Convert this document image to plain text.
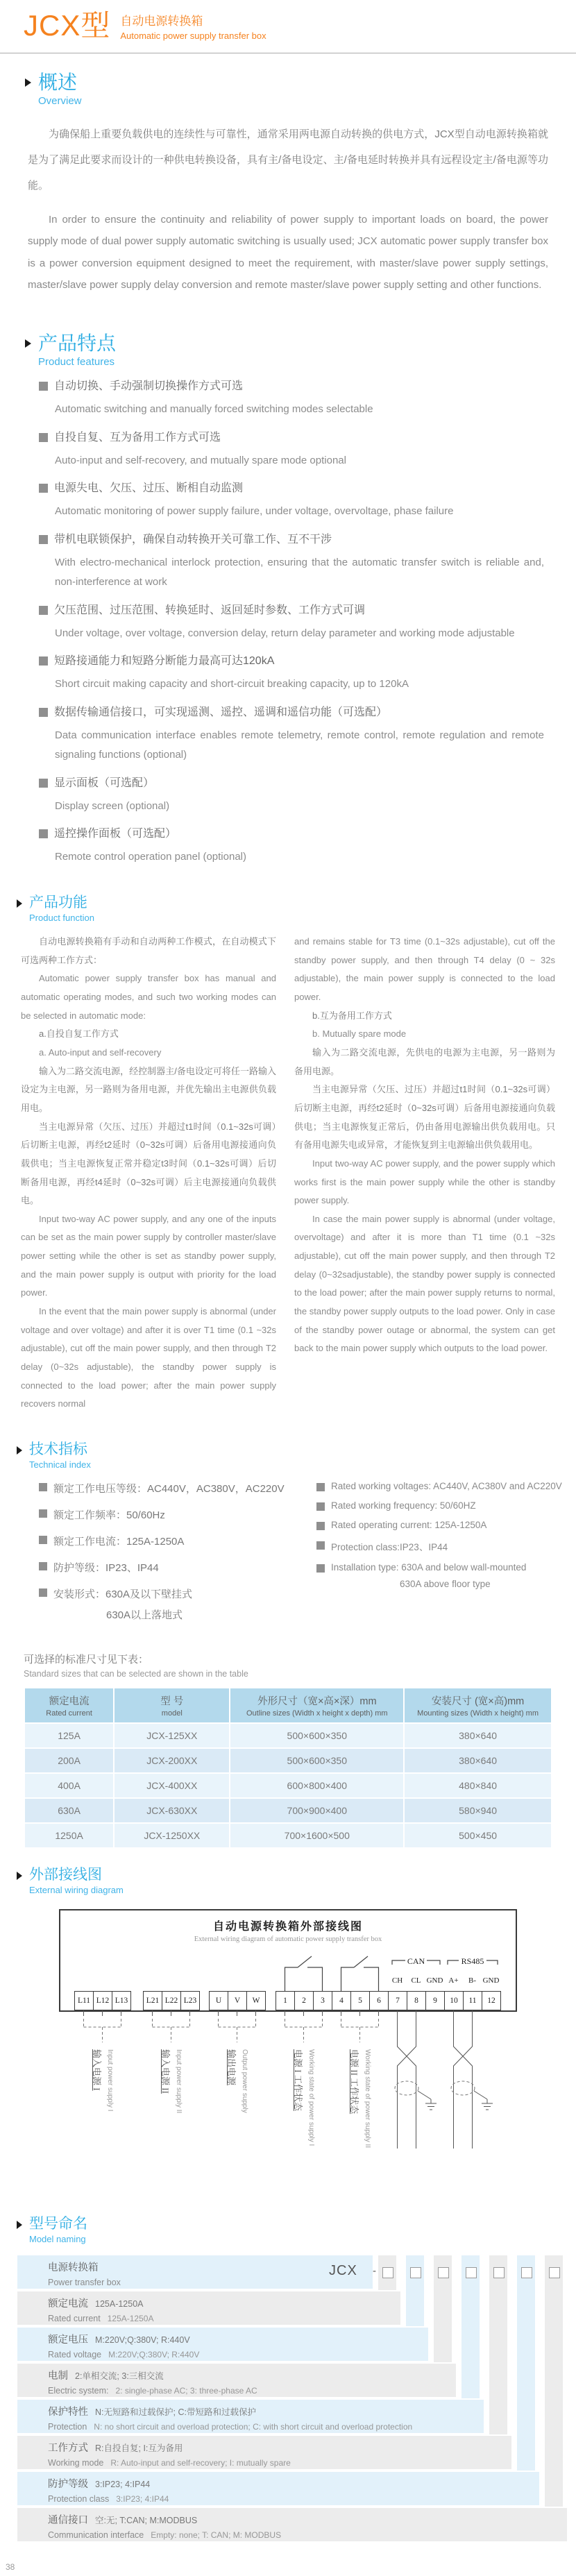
JCX型 自动电源转换箱
Automatic power supply transfer box
概述
Overview

为确保船上重要负载供电的连续性与可靠性，通常采用两电源自动转换的供电方式，JCX型自动电源转换箱就是为了满足此要求而设计的一种供电转换设备，具有主/备电设定、主/备电延时转换并具有远程设定主/备电源等功能。

In order to ensure the continuity and reliability of power supply to important loads on board, the power supply mode of dual power supply automatic switching is usually used; JCX automatic power supply transfer box is a power conversion equipment designed to meet the requirement, with master/slave power supply settings, master/slave power supply delay conversion and remote master/slave power supply setting and other functions.

产品特点
Product features
自动切换、手动强制切换操作方式可选
Automatic switching and manually forced switching modes selectable
自投自复、互为备用工作方式可选
Auto-input and self-recovery, and mutually spare mode optional
电源失电、欠压、过压、断相自动监测
Automatic monitoring of power supply failure, under voltage, overvoltage, phase failure
带机电联锁保护，确保自动转换开关可靠工作、互不干涉
With electro-mechanical interlock protection, ensuring that the automatic transfer switch is reliable and, non-interference at work
欠压范围、过压范围、转换延时、返回延时参数、工作方式可调
Under voltage, over voltage, conversion delay, return delay parameter and working mode adjustable
短路接通能力和短路分断能力最高可达120kA
Short circuit making capacity and short-circuit breaking capacity, up to 120kA
数据传输通信接口，可实现遥测、遥控、遥调和遥信功能（可选配）
Data communication interface enables remote telemetry, remote control, remote regulation and remote signaling functions (optional)
显示面板（可选配）
Display screen (optional)
遥控操作面板（可选配）
Remote control operation panel (optional)
产品功能
Product function

自动电源转换箱有手动和自动两种工作模式，在自动模式下可选两种工作方式：

Automatic power supply transfer box has manual and automatic operating modes, and such two working modes can be selected in automatic mode:

a.自投自复工作方式

a. Auto-input and self-recovery

输入为二路交流电源，经控制器主/备电设定可将任一路输入设定为主电源，另一路则为备用电源，并优先输出主电源供负载用电。

当主电源异常（欠压、过压）并超过t1时间（0.1~32s可调）后切断主电源，再经t2延时（0~32s可调）后备用电源接通向负载供电；当主电源恢复正常并稳定t3时间（0.1~32s可调）后切断备用电源，再经t4延时（0~32s可调）后主电源接通向负载供电。

Input two-way AC power supply, and any one of the inputs can be set as the main power supply by controller master/slave power setting while the other is set as standby power supply, and the main power supply is output with priority for the load power.

In the event that the main power supply is abnormal (under voltage and over voltage) and after it is over T1 time (0.1 ~32s adjustable), cut off the main power supply, and then through T2 delay (0~32s adjustable), the standby power supply is connected to the load power; after the main power supply recovers normal

and remains stable for T3 time (0.1~32s adjustable), cut off the standby power supply, and then through T4 delay (0 ~ 32s adjustable), the main power supply is connected to the load power.

b.互为备用工作方式

b. Mutually spare mode

输入为二路交流电源，先供电的电源为主电源，另一路则为备用电源。

当主电源异常（欠压、过压）并超过t1时间（0.1~32s可调）后切断主电源，再经t2延时（0~32s可调）后备用电源接通向负载供电；当主电源恢复正常后，仍由备用电源输出供负载用电。只有备用电源失电或异常，才能恢复到主电源输出供负载用电。

Input two-way AC power supply, and the power supply which works first is the main power supply while the other is standby power supply.

In case the main power supply is abnormal (under voltage, overvoltage) and after it is more than T1 time (0.1 ~32s adjustable), cut off the main power supply, and then through T2 delay (0~32sadjustable), the standby power supply is connected to the load power; after the main power supply returns to normal, the standby power supply outputs to the load power. Only in case of the standby power outage or abnormal, the system can get back to the main power supply which outputs to the load power.

技术指标
Technical index
额定工作电压等级：AC440V，AC380V，AC220V
额定工作频率：50/60Hz
额定工作电流：125A-1250A
防护等级：IP23、IP44
安装形式：630A及以下壁挂式
630A以上落地式
Rated working voltages: AC440V, AC380V and AC220V
Rated working frequency: 50/60HZ
Rated operating current: 125A-1250A
Protection class:IP23、IP44
Installation type: 630A and below wall-mounted
630A above floor type
可选择的标准尺寸见下表：
Standard sizes that can be selected are shown in the table
额定电流
Rated current

型 号
model

外形尺寸（宽×高×深）mm
Outline sizes (Width x height x depth) mm

安装尺寸 (宽×高)mm
Mounting sizes (Width x height) mm

125A	JCX-125XX	500×600×350	380×640
200A	JCX-200XX	500×600×350	380×640
400A	JCX-400XX	600×800×400	480×840
630A	JCX-630XX	700×900×400	580×940
1250A	JCX-1250XX	700×1600×500	500×450
外部接线图
External wiring diagram
自动电源转换箱外部接线图
External wiring diagram of automatic power supply transfer box
CAN	RS485
CH CL GND A+ B- GND
L11 L12 L13	L21 L22 L23	U	V	W	1	2	3	4	5	6	7	8	9	10	11	12
Input power supply I
输入电源 I	Input power supply II
输入电源 II	Output power supply
输出电源	Working state of power supply I
电源 I 工作状态	Working state of power supply II
电源 II 工作状态
型号命名
Model naming
JCX -
电源转换箱
Power transfer box
额定电流 125A-1250A
Rated current 125A-1250A
额定电压 M:220V;Q:380V; R:440V
Rated voltage M:220V;Q:380V; R:440V
电制 2:单相交流; 3:三相交流
Electric system: 2: single-phase AC; 3: three-phase AC
保护特性 N:无短路和过载保护; C:带短路和过载保护
Protection N: no short circuit and overload protection; C: with short circuit and overload protection
工作方式 R:自投自复; I:互为备用
Working mode R: Auto-input and self-recovery; I: mutually spare
防护等级 3:IP23; 4:IP44
Protection class 3:IP23; 4:IP44
通信接口 空:无; T:CAN; M:MODBUS
Communication interface Empty: none; T: CAN; M: MODBUS
38
